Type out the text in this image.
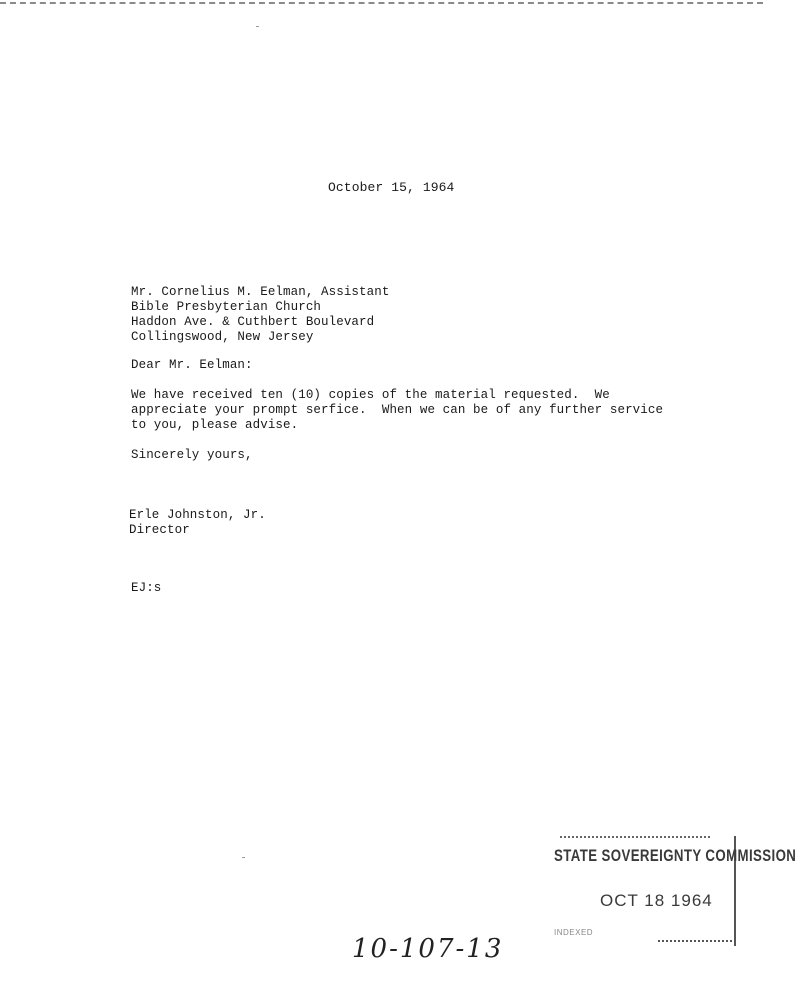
October 15, 1964
Mr. Cornelius M. Eelman, Assistant
Bible Presbyterian Church
Haddon Ave. & Cuthbert Boulevard
Collingswood, New Jersey
Dear Mr. Eelman:
We have received ten (10) copies of the material requested.  We
appreciate your prompt serfice.  When we can be of any further service
to you, please advise.
Sincerely yours,
Erle Johnston, Jr.
Director
EJ:s
STATE SOVEREIGNTY COMMISSION
OCT 18 1964
INDEXED
10-107-13
